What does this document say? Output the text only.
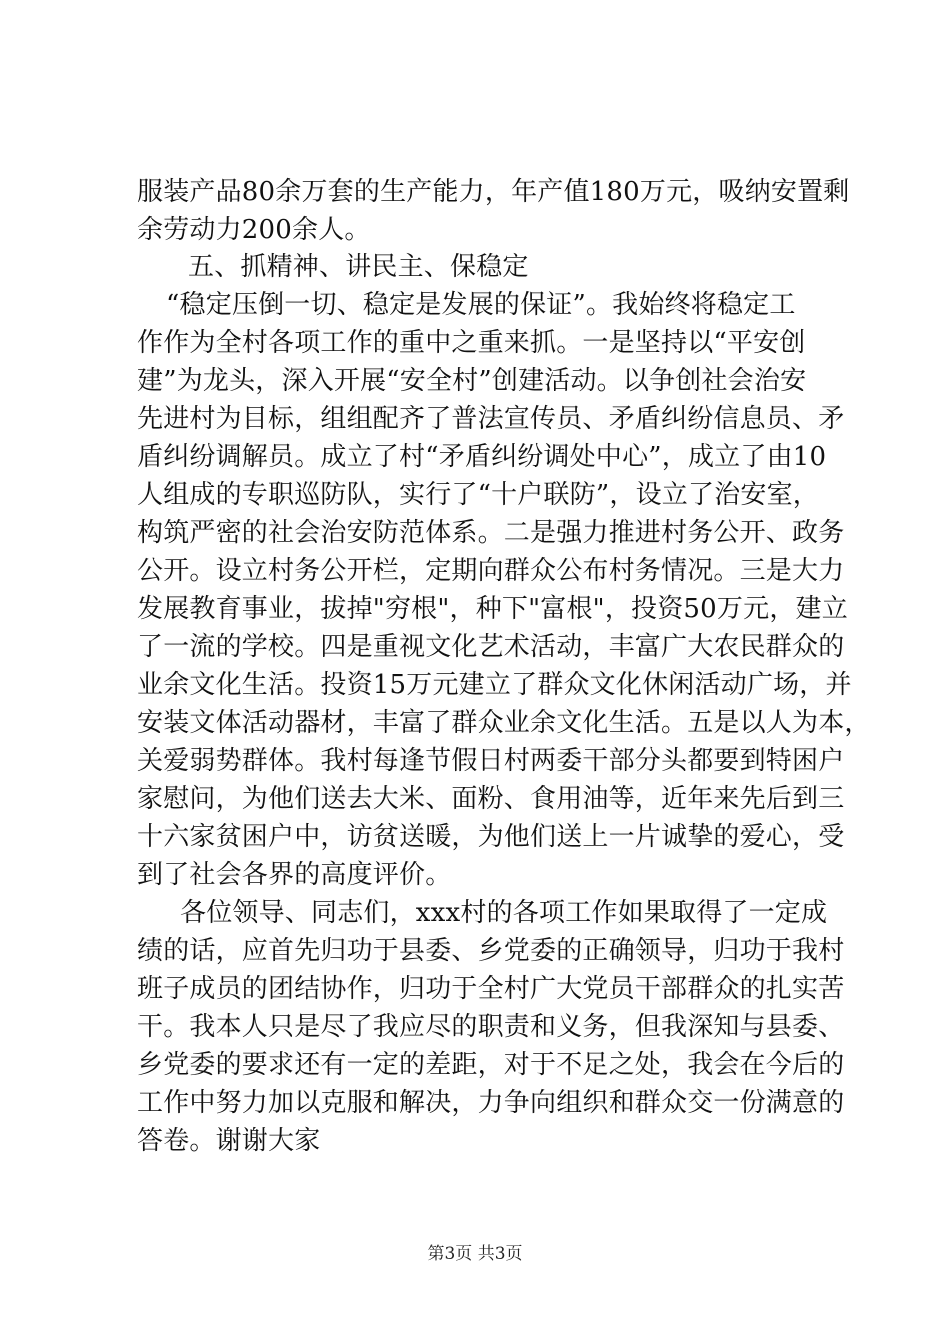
服装产品80余万套的生产能力，年产值180万元，吸纳安置剩
余劳动力200余人。
五、抓精神、讲民主、保稳定
“稳定压倒一切、稳定是发展的保证”。我始终将稳定工
作作为全村各项工作的重中之重来抓。一是坚持以“平安创
建”为龙头，深入开展“安全村”创建活动。以争创社会治安
先进村为目标，组组配齐了普法宣传员、矛盾纠纷信息员、矛
盾纠纷调解员。成立了村“矛盾纠纷调处中心”，成立了由10
人组成的专职巡防队，实行了“十户联防”，设立了治安室，
构筑严密的社会治安防范体系。二是强力推进村务公开、政务
公开。设立村务公开栏，定期向群众公布村务情况。三是大力
发展教育事业，拔掉"穷根"，种下"富根"，投资50万元，建立
了一流的学校。四是重视文化艺术活动，丰富广大农民群众的
业余文化生活。投资15万元建立了群众文化休闲活动广场，并
安装文体活动器材，丰富了群众业余文化生活。五是以人为本，
关爱弱势群体。我村每逢节假日村两委干部分头都要到特困户
家慰问，为他们送去大米、面粉、食用油等，近年来先后到三
十六家贫困户中，访贫送暖，为他们送上一片诚挚的爱心，受
到了社会各界的高度评价。
各位领导、同志们，xxx村的各项工作如果取得了一定成
绩的话，应首先归功于县委、乡党委的正确领导，归功于我村
班子成员的团结协作，归功于全村广大党员干部群众的扎实苦
干。我本人只是尽了我应尽的职责和义务，但我深知与县委、
乡党委的要求还有一定的差距，对于不足之处，我会在今后的
工作中努力加以克服和解决，力争向组织和群众交一份满意的
答卷。谢谢大家
第3页 共3页
